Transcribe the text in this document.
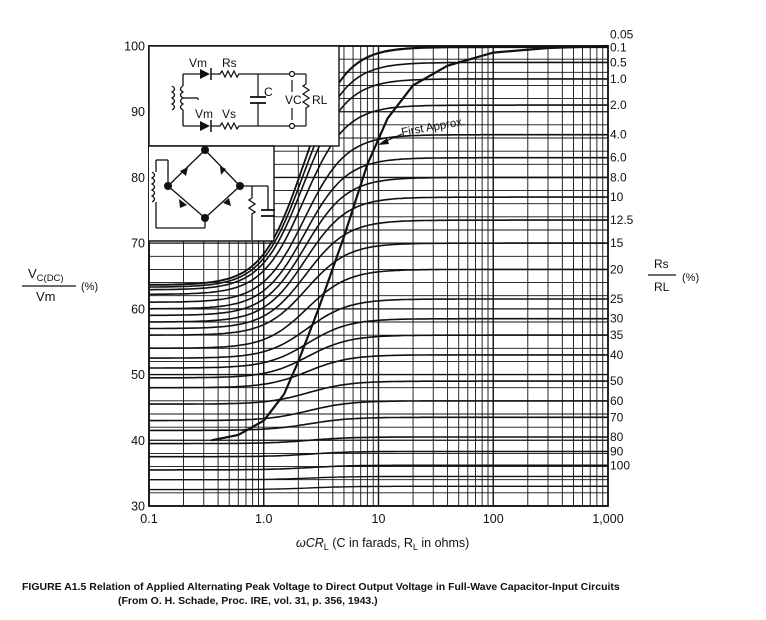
0.1	1.0	10	100	1,000
30
40
50
60
70
80
90
100
0.05
0.1
0.5
1.0
2.0
4.0
6.0
8.0
10
12.5
15
20
25
30
35
40
50
60
70
80
90
100
$V_{C(DC)}$
Vm
(%)
Rs
RL
(%)
ωCR$_L$ (C in farads, $R_L$ in ohms)
First Approx.
Vm Rs
Vm Vs
C
VC RL
FIGURE A1.5 Relation of Applied Alternating Peak Voltage to Direct Output Voltage in Full-Wave Capacitor-Input Circuits
(From O. H. Schade, Proc. IRE, vol. 31, p. 356, 1943.)
